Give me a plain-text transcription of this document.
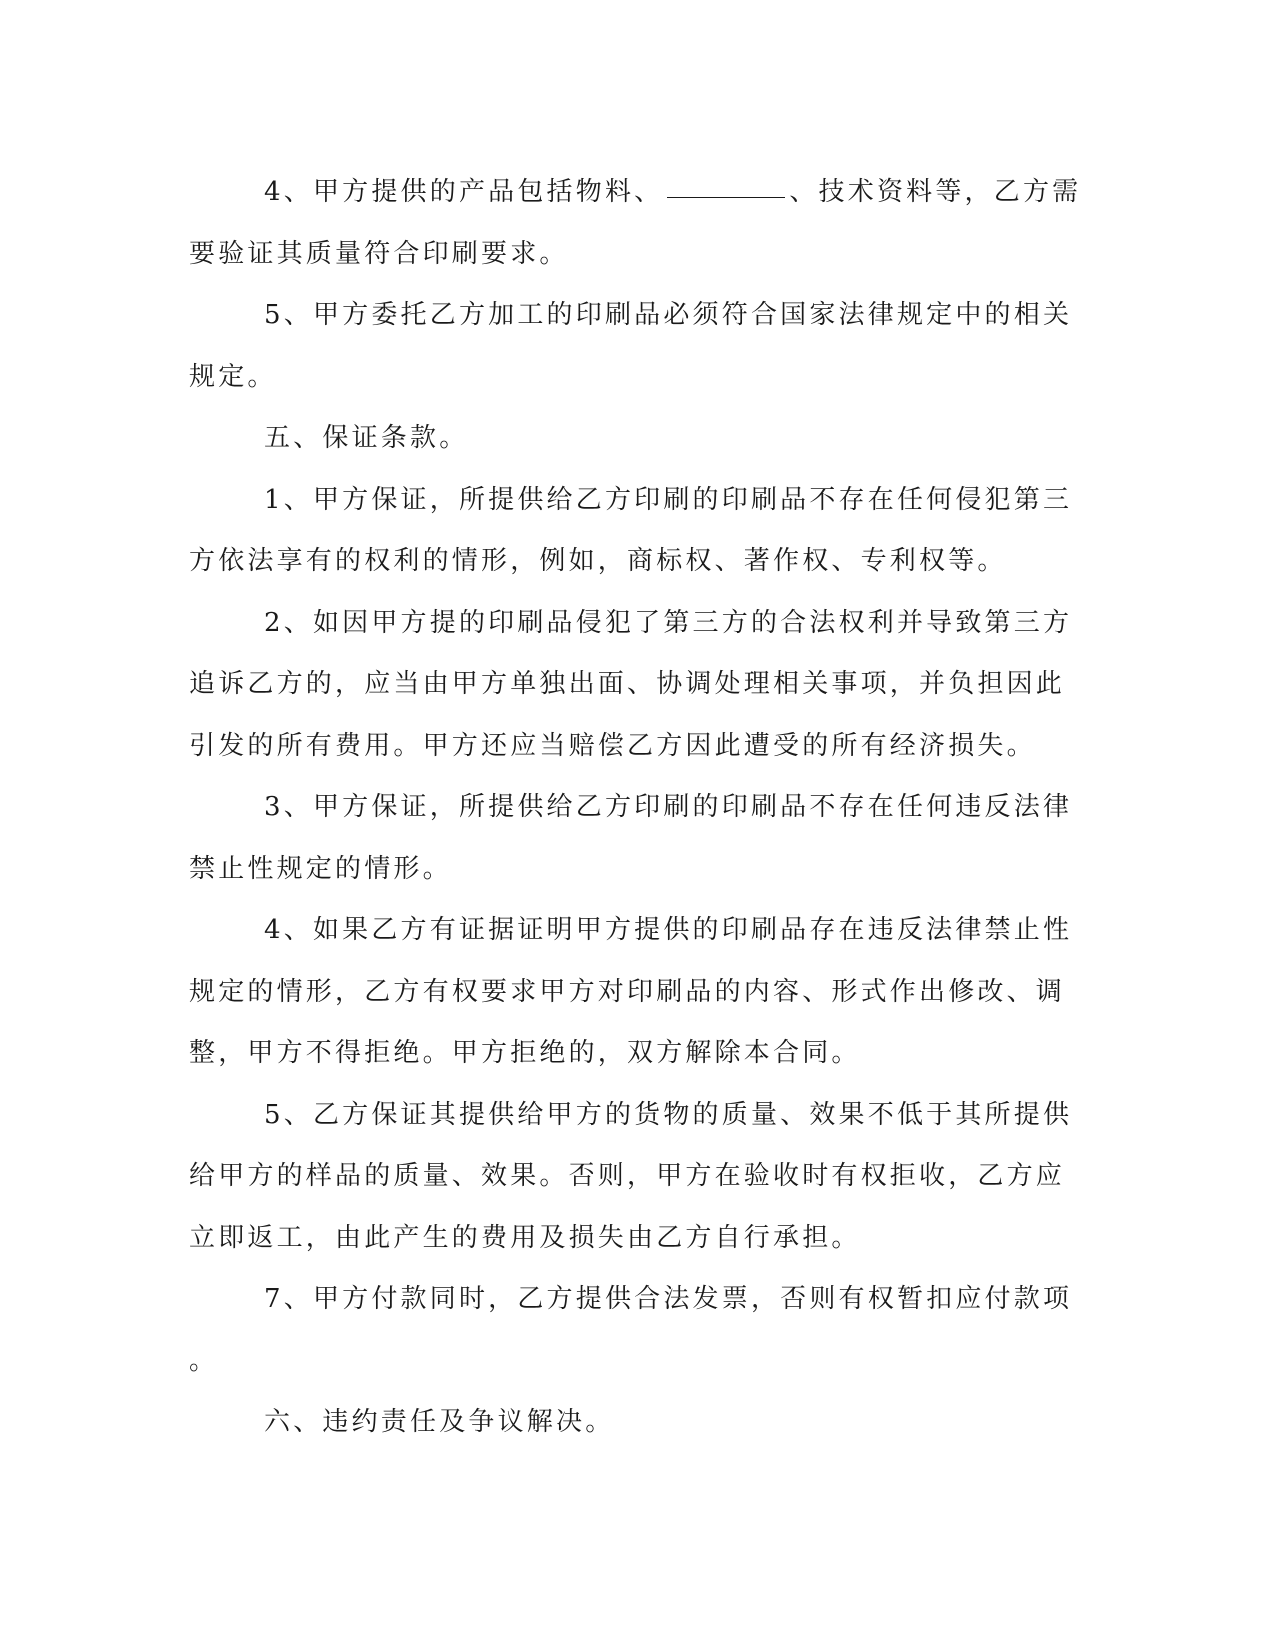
4、甲方提供的产品包括物料、	、技术资料等，乙方需
要验证其质量符合印刷要求。
5、甲方委托乙方加工的印刷品必须符合国家法律规定中的相关
规定。
五、保证条款。
1、甲方保证，所提供给乙方印刷的印刷品不存在任何侵犯第三
方依法享有的权利的情形，例如，商标权、著作权、专利权等。
2、如因甲方提的印刷品侵犯了第三方的合法权利并导致第三方
追诉乙方的，应当由甲方单独出面、协调处理相关事项，并负担因此
引发的所有费用。甲方还应当赔偿乙方因此遭受的所有经济损失。
3、甲方保证，所提供给乙方印刷的印刷品不存在任何违反法律
禁止性规定的情形。
4、如果乙方有证据证明甲方提供的印刷品存在违反法律禁止性
规定的情形，乙方有权要求甲方对印刷品的内容、形式作出修改、调
整，甲方不得拒绝。甲方拒绝的，双方解除本合同。
5、乙方保证其提供给甲方的货物的质量、效果不低于其所提供
给甲方的样品的质量、效果。否则，甲方在验收时有权拒收，乙方应
立即返工，由此产生的费用及损失由乙方自行承担。
7、甲方付款同时，乙方提供合法发票，否则有权暂扣应付款项
。
六、违约责任及争议解决。
